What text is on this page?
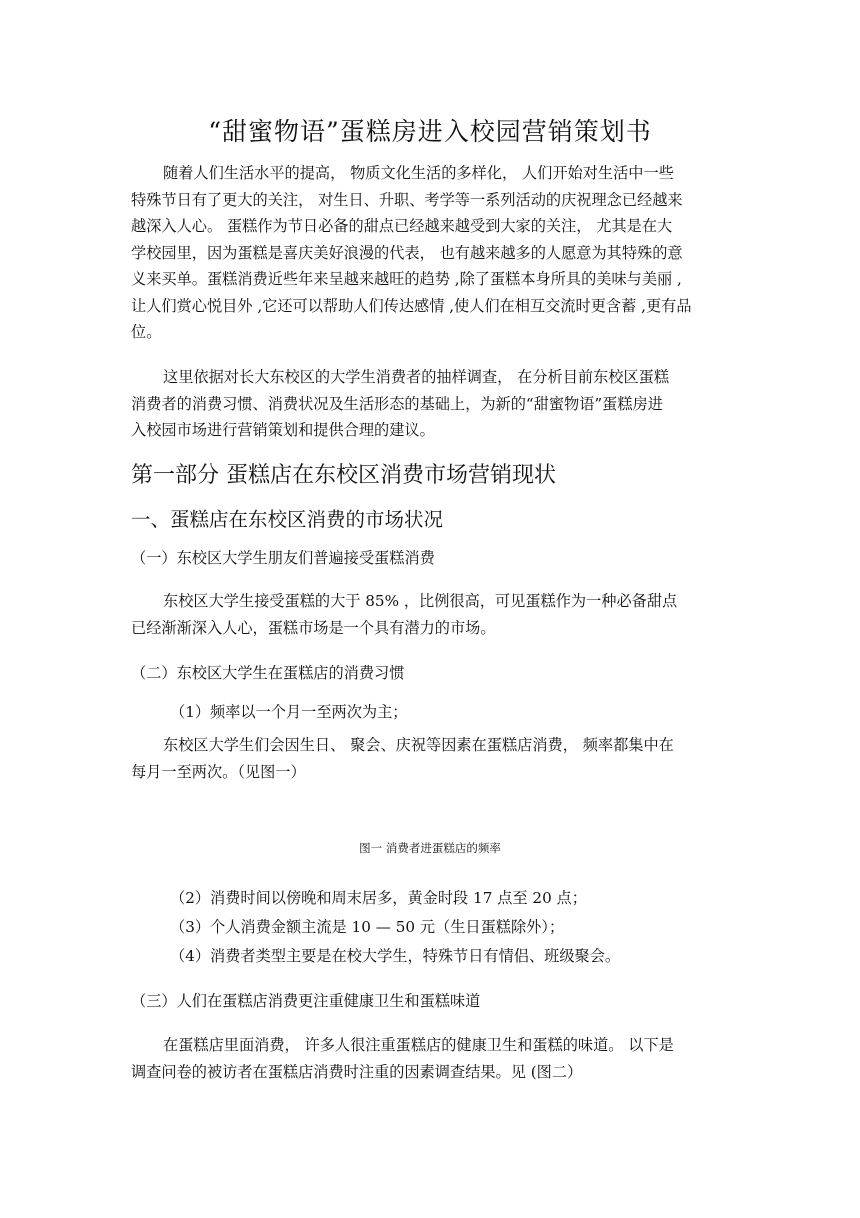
“甜蜜物语”蛋糕房进入校园营销策划书
随着人们生活水平的提高， 物质文化生活的多样化， 人们开始对生活中一些
特殊节日有了更大的关注， 对生日、升职、考学等一系列活动的庆祝理念已经越来
越深入人心。 蛋糕作为节日必备的甜点已经越来越受到大家的关注， 尤其是在大
学校园里，因为蛋糕是喜庆美好浪漫的代表， 也有越来越多的人愿意为其特殊的意
义来买单。蛋糕消费近些年来呈越来越旺的趋势 ,除了蛋糕本身所具的美味与美丽 ,
让人们赏心悦目外 ,它还可以帮助人们传达感情 ,使人们在相互交流时更含蓄 ,更有品
位。
这里依据对长大东校区的大学生消费者的抽样调查， 在分析目前东校区蛋糕
消费者的消费习惯、消费状况及生活形态的基础上，为新的“甜蜜物语”蛋糕房进
入校园市场进行营销策划和提供合理的建议。
第一部分 蛋糕店在东校区消费市场营销现状
一、蛋糕店在东校区消费的市场状况
（一）东校区大学生朋友们普遍接受蛋糕消费
东校区大学生接受蛋糕的大于 85% ，比例很高，可见蛋糕作为一种必备甜点
已经渐渐深入人心，蛋糕市场是一个具有潜力的市场。
（二）东校区大学生在蛋糕店的消费习惯
（1）频率以一个月一至两次为主；
东校区大学生们会因生日、 聚会、庆祝等因素在蛋糕店消费， 频率都集中在
每月一至两次。（见图一）
图一 消费者进蛋糕店的频率
（2）消费时间以傍晚和周末居多，黄金时段 17 点至 20 点；
（3）个人消费金额主流是 10 — 50 元（生日蛋糕除外）；
（4）消费者类型主要是在校大学生，特殊节日有情侣、班级聚会。
（三）人们在蛋糕店消费更注重健康卫生和蛋糕味道
在蛋糕店里面消费， 许多人很注重蛋糕店的健康卫生和蛋糕的味道。 以下是
调查问卷的被访者在蛋糕店消费时注重的因素调查结果。见 (图二）
